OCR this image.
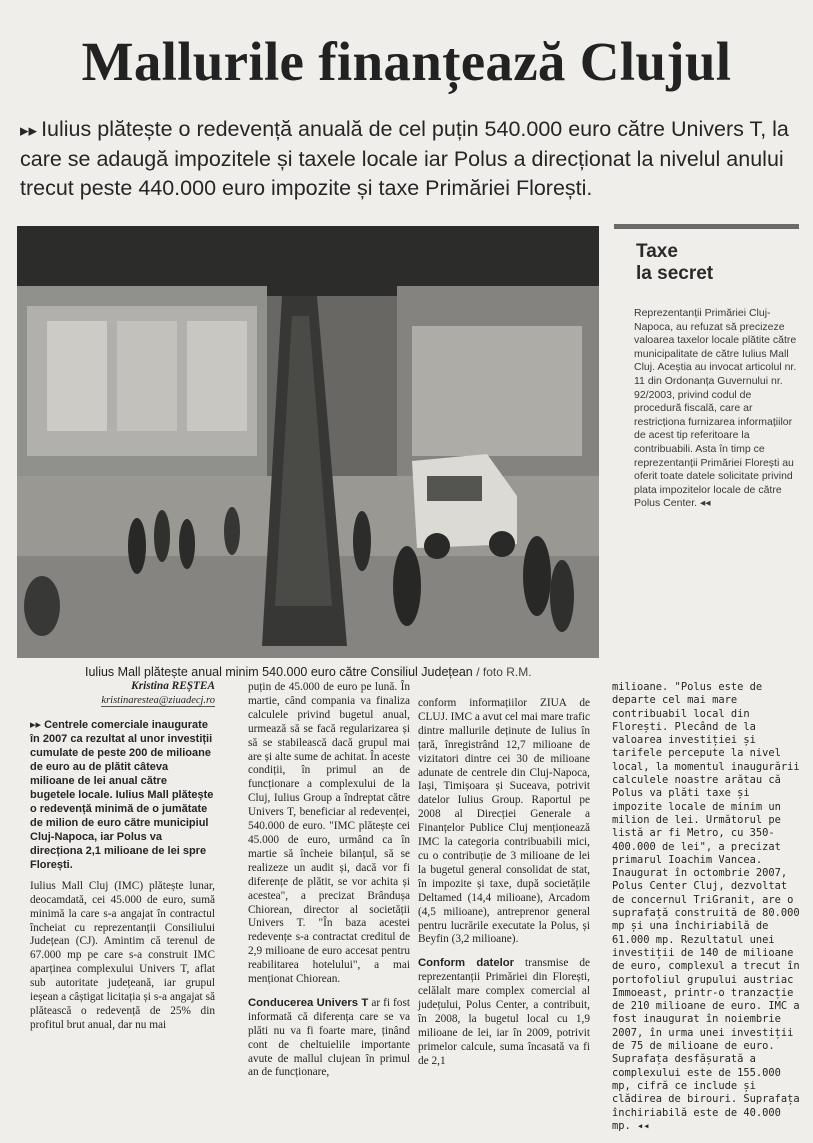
Mallurile finanțează Clujul
▸▸ Iulius plătește o redevență anuală de cel puțin 540.000 euro către Univers T, la care se adaugă impozitele și taxele locale iar Polus a direcționat la nivelul anului trecut peste 440.000 euro impozite și taxe Primăriei Florești.
Iulius Mall plătește anual minim 540.000 euro către Consiliul Județean / foto R.M.
Taxe
la secret
Reprezentanții Primăriei Cluj-Napoca, au refuzat să precizeze valoarea taxelor locale plătite către municipalitate de către Iulius Mall Cluj. Aceștia au invocat articolul nr. 11 din Ordonanța Guvernului nr. 92/2003, privind codul de procedură fiscală, care ar restricționa furnizarea informațiilor de acest tip referitoare la contribuabili. Asta în timp ce reprezentanții Primăriei Florești au oferit toate datele solicitate privind plata impozitelor locale de către Polus Center. ◂◂
Kristina REȘTEA
kristinarestea@ziuadecj.ro
▸▸ Centrele comerciale inaugurate în 2007 ca rezultat al unor investiții cumulate de peste 200 de milioane de euro au de plătit câteva milioane de lei anual către bugetele locale. Iulius Mall plătește o redevență minimă de o jumătate de milion de euro către municipiul Cluj-Napoca, iar Polus va direcționa 2,1 milioane de lei spre Florești.

Iulius Mall Cluj (IMC) plătește lunar, deocamdată, cei 45.000 de euro, sumă minimă la care s-a angajat în contractul încheiat cu reprezentanții Consiliului Județean (CJ). Amintim că terenul de 67.000 mp pe care s-a construit IMC aparținea complexului Univers T, aflat sub autoritate județeană, iar grupul ieșean a câștigat licitația și s-a angajat să plătească o redevență de 25% din profitul brut anual, dar nu mai

puțin de 45.000 de euro pe lună. În martie, când compania va finaliza calculele privind bugetul anual, urmează să se facă regularizarea și să se stabilească dacă grupul mai are și alte sume de achitat. În aceste condiții, în primul an de funcționare a complexului de la Cluj, Iulius Group a îndreptat către Univers T, beneficiar al redevenței, 540.000 de euro. "IMC plătește cei 45.000 de euro, urmând ca în martie să încheie bilanțul, să se realizeze un audit și, dacă vor fi diferențe de plătit, se vor achita și acestea", a precizat Brândușa Chiorean, director al societății Univers T. "În baza acestei redevențe s-a contractat creditul de 2,9 milioane de euro accesat pentru reabilitarea hotelului", a mai menționat Chiorean.

Conducerea Univers T ar fi fost informată că diferența care se va plăti nu va fi foarte mare, ținând cont de cheltuielile importante avute de mallul clujean în primul an de funcționare,

conform informațiilor ZIUA de CLUJ. IMC a avut cel mai mare trafic dintre mallurile deținute de Iulius în țară, înregistrând 12,7 milioane de vizitatori dintre cei 30 de milioane adunate de centrele din Cluj-Napoca, Iași, Timișoara și Suceava, potrivit datelor Iulius Group. Raportul pe 2008 al Direcției Generale a Finanțelor Publice Cluj menționează IMC la categoria contribuabili mici, cu o contribuție de 3 milioane de lei la bugetul general consolidat de stat, în impozite și taxe, după societățile Deltamed (14,4 milioane), Arcadom (4,5 milioane), antreprenor general pentru lucrările executate la Polus, și Beyfin (3,2 milioane).

Conform datelor transmise de reprezentanții Primăriei din Florești, celălalt mare complex comercial al județului, Polus Center, a contribuit, în 2008, la bugetul local cu 1,9 milioane de lei, iar în 2009, potrivit primelor calcule, suma încasată va fi de 2,1

milioane. "Polus este de departe cel mai mare contribuabil local din Florești. Plecând de la valoarea investiției și tarifele percepute la nivel local, la momentul inaugurării calculele noastre arătau că Polus va plăti taxe și impozite locale de minim un milion de lei. Următorul pe listă ar fi Metro, cu 350-400.000 de lei", a precizat primarul Ioachim Vancea. Inaugurat în octombrie 2007, Polus Center Cluj, dezvoltat de concernul TriGranit, are o suprafață construită de 80.000 mp și una închiriabilă de 61.000 mp. Rezultatul unei investiții de 140 de milioane de euro, complexul a trecut în portofoliul grupului austriac Immoeast, printr-o tranzacție de 210 milioane de euro. IMC a fost inaugurat în noiembrie 2007, în urma unei investiții de 75 de milioane de euro. Suprafața desfășurată a complexului este de 155.000 mp, cifră ce include și clădirea de birouri. Suprafața închiriabilă este de 40.000 mp. ◂◂
